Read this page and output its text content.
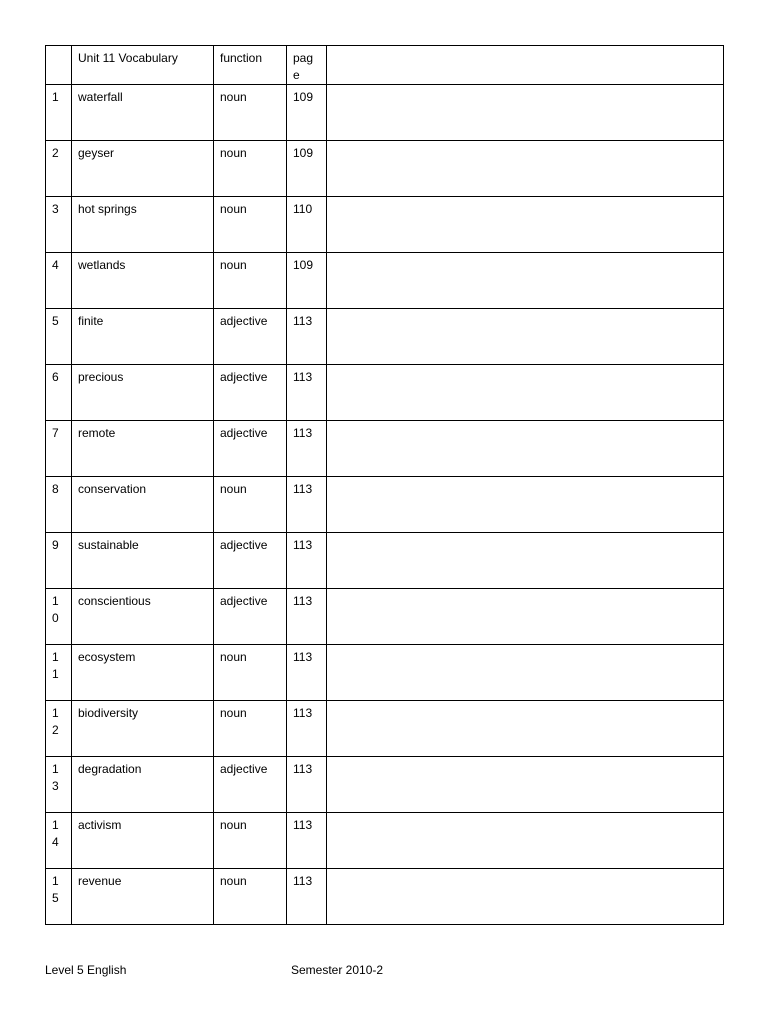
	Unit 11 Vocabulary	function	page	

1	waterfall	noun	109	

2	geyser	noun	109	

3	hot springs	noun	110	

4	wetlands	noun	109	

5	finite	adjective	113	

6	precious	adjective	113	

7	remote	adjective	113	

8	conservation	noun	113	

9	sustainable	adjective	113	

10	conscientious	adjective	113	

11	ecosystem	noun	113	

12	biodiversity	noun	113	

13	degradation	adjective	113	

14	activism	noun	113	

15	revenue	noun	113	

Level 5 English	Semester 2010-2
